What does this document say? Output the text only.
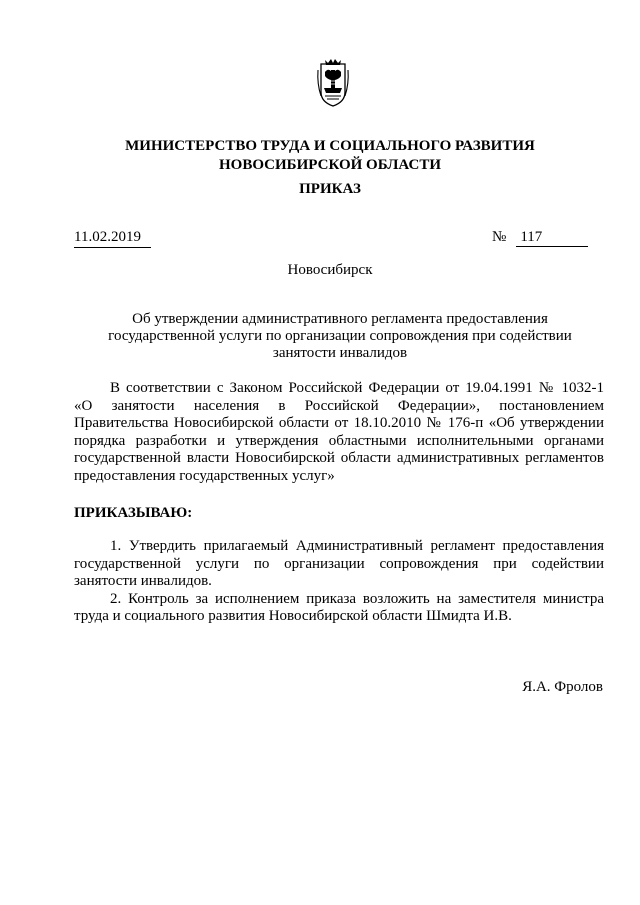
МИНИСТЕРСТВО ТРУДА И СОЦИАЛЬНОГО РАЗВИТИЯ
НОВОСИБИРСКОЙ ОБЛАСТИ
ПРИКАЗ
11.02.2019	№ 117
Новосибирск
Об утверждении административного регламента предоставления
государственной услуги по организации сопровождения при содействии
занятости инвалидов
В соответствии с Законом Российской Федерации от 19.04.1991 № 1032-1
«О занятости населения в Российской Федерации», постановлением
Правительства Новосибирской области от 18.10.2010 № 176-п «Об утверждении
порядка разработки и утверждения областными исполнительными органами
государственной власти Новосибирской области административных регламентов
предоставления государственных услуг»
ПРИКАЗЫВАЮ:
1. Утвердить прилагаемый Административный регламент предоставления
государственной услуги по организации сопровождения при содействии
занятости инвалидов.
2. Контроль за исполнением приказа возложить на заместителя министра
труда и социального развития Новосибирской области Шмидта И.В.
Я.А. Фролов
